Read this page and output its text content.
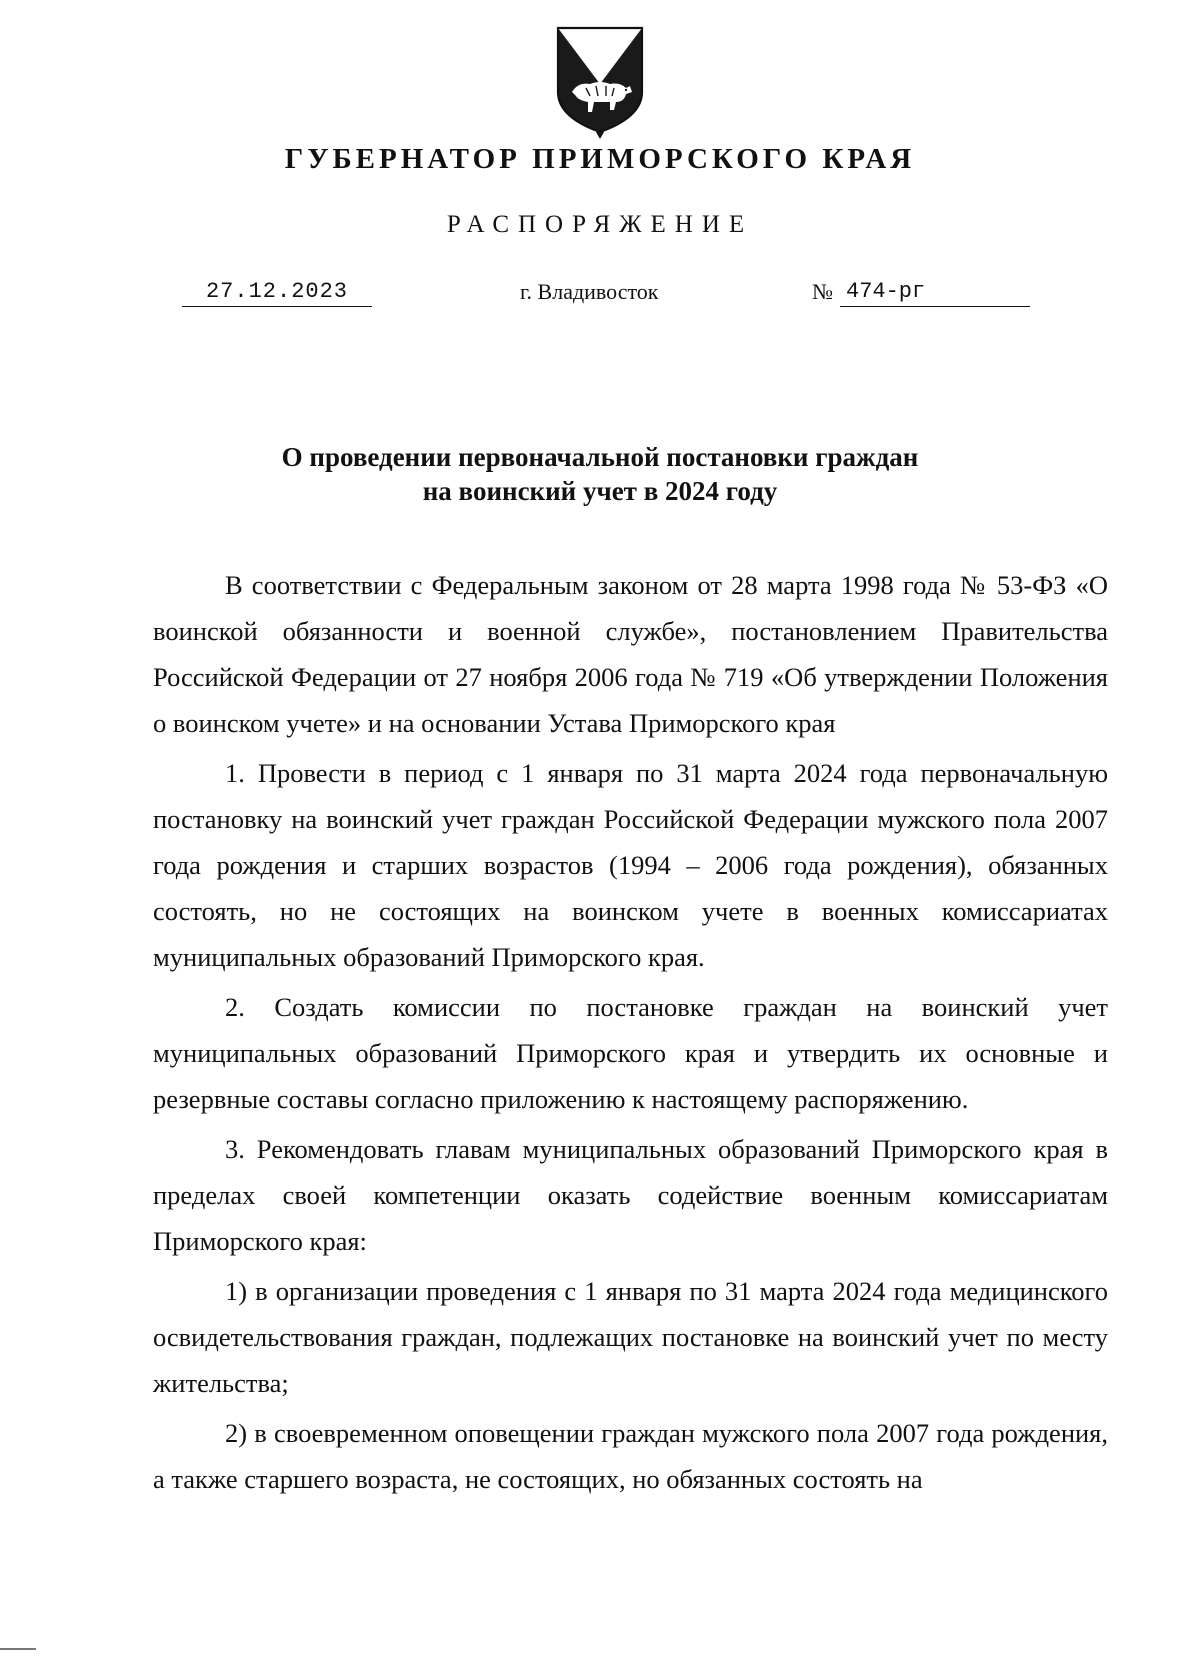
ГУБЕРНАТОР ПРИМОРСКОГО КРАЯ
РАСПОРЯЖЕНИЕ
27.12.2023	г. Владивосток	№ 474-рг
О проведении первоначальной постановки граждан
на воинский учет в 2024 году

В соответствии с Федеральным законом от 28 марта 1998 года № 53-ФЗ «О воинской обязанности и военной службе», постановлением Правительства Российской Федерации от 27 ноября 2006 года № 719 «Об утверждении Положения о воинском учете» и на основании Устава Приморского края

1. Провести в период с 1 января по 31 марта 2024 года первоначальную постановку на воинский учет граждан Российской Федерации мужского пола 2007 года рождения и старших возрастов (1994 – 2006 года рождения), обязанных состоять, но не состоящих на воинском учете в военных комиссариатах муниципальных образований Приморского края.

2. Создать комиссии по постановке граждан на воинский учет муниципальных образований Приморского края и утвердить их основные и резервные составы согласно приложению к настоящему распоряжению.

3. Рекомендовать главам муниципальных образований Приморского края в пределах своей компетенции оказать содействие военным комиссариатам Приморского края:

1) в организации проведения с 1 января по 31 марта 2024 года медицинского освидетельствования граждан, подлежащих постановке на воинский учет по месту жительства;

2) в своевременном оповещении граждан мужского пола 2007 года рождения, а также старшего возраста, не состоящих, но обязанных состоять на
